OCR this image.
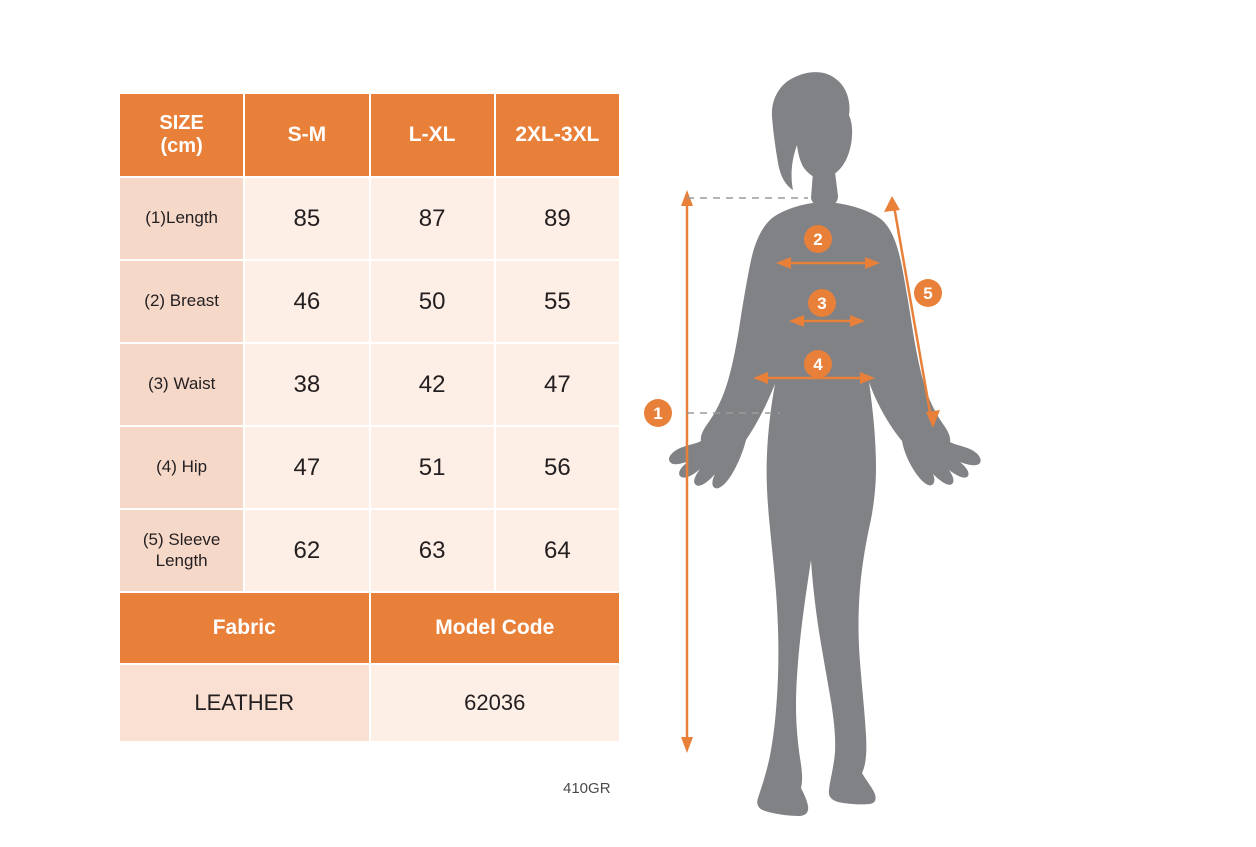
SIZE
(cm)	S-M	L-XL	2XL-3XL
(1)Length	85	87	89
(2) Breast	46	50	55
(3) Waist	38	42	47
(4) Hip	47	51	56

(5) Sleeve
Length	62	63	64
Fabric		Model Code	
LEATHER		62036	
410GR
1
2
3
4
5
